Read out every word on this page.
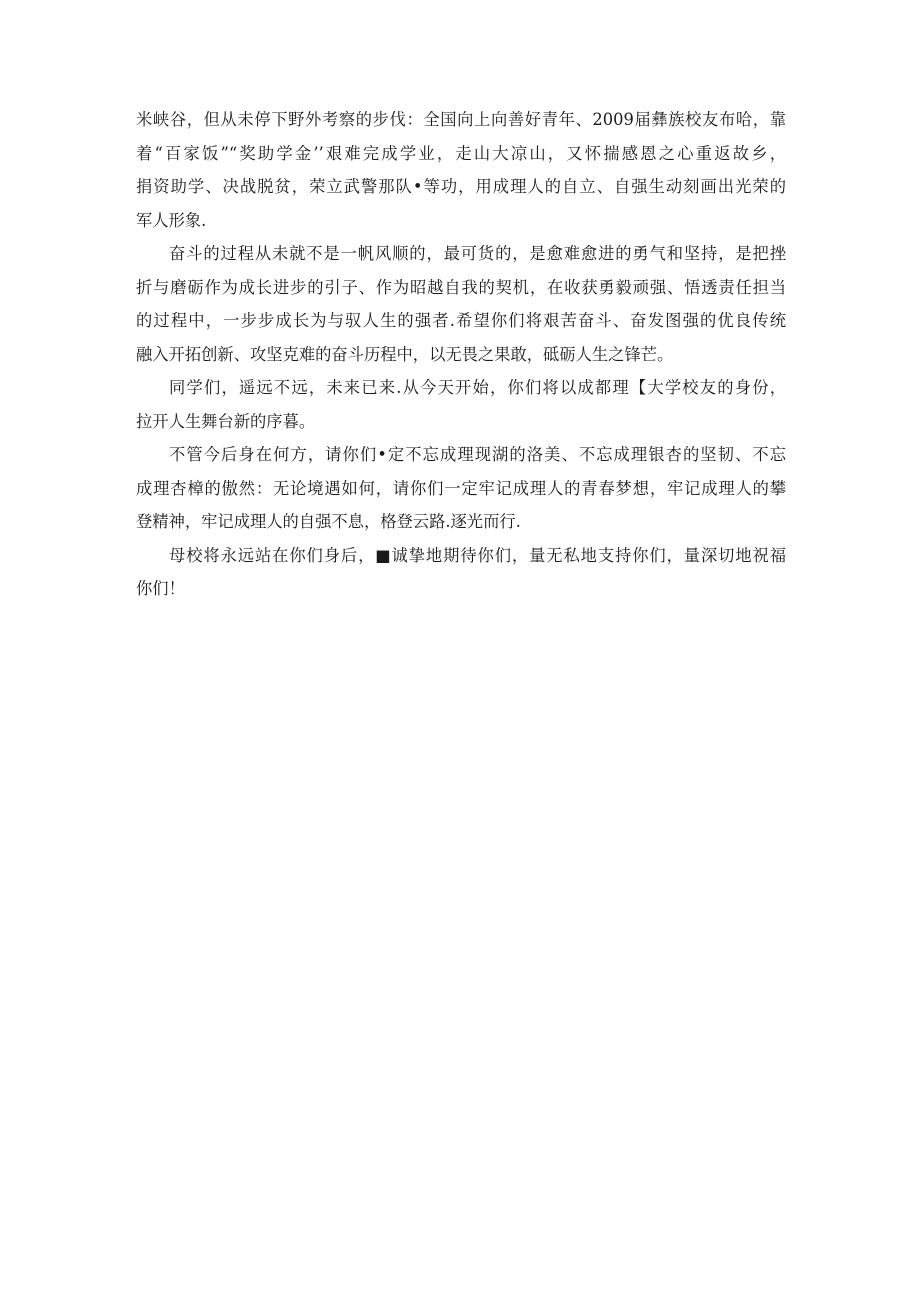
米峡谷，但从未停下野外考察的步伐：全国向上向善好青年、2009届彝族校友布哈，靠
着“百家饭”“奖助学金’’艰难完成学业，走山大凉山，又怀揣感恩之心重返故乡，
捐资助学、决战脱贫，荣立武警那队•等功，用成理人的自立、自强生动刻画出光荣的
军人形象.
奋斗的过程从未就不是一帆风顺的，最可货的，是愈难愈进的勇气和坚持，是把挫
折与磨砺作为成长进步的引子、作为昭越自我的契机，在收获勇毅顽强、悟透责任担当
的过程中，一步步成长为与驭人生的强者.希望你们将艰苦奋斗、奋发图强的优良传统
融入开拓创新、攻坚克难的奋斗历程中，以无畏之果敢，砥砺人生之锋芒。
同学们，遥远不远，未来已来.从今天开始，你们将以成都理【大学校友的身份，
拉开人生舞台新的序暮。
不管今后身在何方，请你们•定不忘成理现湖的洛美、不忘成理银杏的坚韧、不忘
成理杏樟的傲然：无论境遇如何，请你们一定牢记成理人的青春梦想，牢记成理人的攀
登精神，牢记成理人的自强不息，格登云路.逐光而行.
母校将永远站在你们身后，■诚挚地期待你们，量无私地支持你们，量深切地祝福
你们！
